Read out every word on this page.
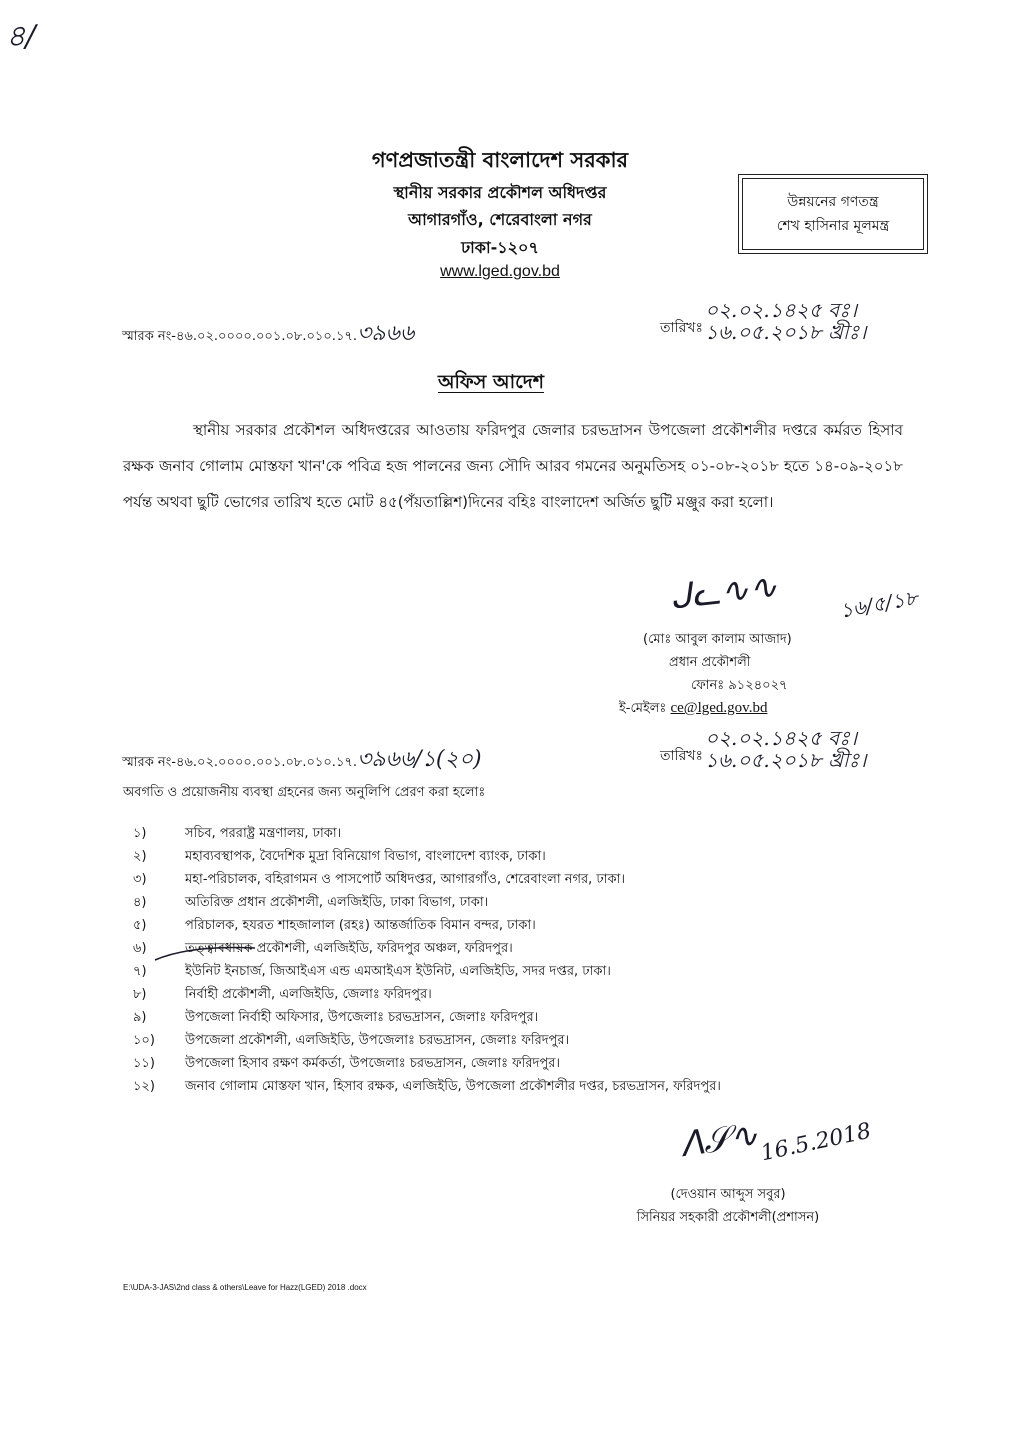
৪/
গণপ্রজাতন্ত্রী বাংলাদেশ সরকার
স্থানীয় সরকার প্রকৌশল অধিদপ্তর
আগারগাঁও, শেরেবাংলা নগর
ঢাকা-১২০৭
www.lged.gov.bd
উন্নয়নের গণতন্ত্র
শেখ হাসিনার মূলমন্ত্র
স্মারক নং-৪৬.০২.০০০০.০০১.০৮.০১০.১৭.৩৯৬৬	তারিখঃ
০২.০২.১৪২৫ বঃ।
১৬.০৫.২০১৮ খ্রীঃ।
অফিস আদেশ
স্থানীয় সরকার প্রকৌশল অধিদপ্তরের আওতায় ফরিদপুর জেলার চরভদ্রাসন উপজেলা প্রকৌশলীর দপ্তরে কর্মরত হিসাব রক্ষক জনাব গোলাম মোস্তফা খান'কে পবিত্র হজ পালনের জন্য সৌদি আরব গমনের অনুমতিসহ ০১-০৮-২০১৮ হতে ১৪-০৯-২০১৮ পর্যন্ত অথবা ছুটি ভোগের তারিখ হতে মোট ৪৫(পঁয়তাল্লিশ)দিনের বহিঃ বাংলাদেশ অর্জিত ছুটি মঞ্জুর করা হলো।
ᒍᓚ∿∿	১৬/৫/১৮
(মোঃ আবুল কালাম আজাদ)
প্রধান প্রকৌশলী
ফোনঃ ৯১২৪০২৭
ই-মেইলঃ ce@lged.gov.bd
স্মারক নং-৪৬.০২.০০০০.০০১.০৮.০১০.১৭.৩৯৬৬/১(২০)	তারিখঃ
০২.০২.১৪২৫ বঃ।
১৬.০৫.২০১৮ খ্রীঃ।
অবগতি ও প্রয়োজনীয় ব্যবস্থা গ্রহনের জন্য অনুলিপি প্রেরণ করা হলোঃ
১)	সচিব, পররাষ্ট্র মন্ত্রণালয়, ঢাকা।
২)	মহাব্যবস্থাপক, বৈদেশিক মুদ্রা বিনিয়োগ বিভাগ, বাংলাদেশ ব্যাংক, ঢাকা।
৩)	মহা-পরিচালক, বহিরাগমন ও পাসপোর্ট অধিদপ্তর, আগারগাঁও, শেরেবাংলা নগর, ঢাকা।
৪)	অতিরিক্ত প্রধান প্রকৌশলী, এলজিইডি, ঢাকা বিভাগ, ঢাকা।
৫)	পরিচালক, হযরত শাহজালাল (রহঃ) আন্তর্জাতিক বিমান বন্দর, ঢাকা।
৬)	তত্ত্বাবধায়ক প্রকৌশলী, এলজিইডি, ফরিদপুর অঞ্চল, ফরিদপুর।
৭)	ইউনিট ইনচার্জ, জিআইএস এন্ড এমআইএস ইউনিট, এলজিইডি, সদর দপ্তর, ঢাকা।
৮)	নির্বাহী প্রকৌশলী, এলজিইডি, জেলাঃ ফরিদপুর।
৯)	উপজেলা নির্বাহী অফিসার, উপজেলাঃ চরভদ্রাসন, জেলাঃ ফরিদপুর।
১০)	উপজেলা প্রকৌশলী, এলজিইডি, উপজেলাঃ চরভদ্রাসন, জেলাঃ ফরিদপুর।
১১)	উপজেলা হিসাব রক্ষণ কর্মকর্তা, উপজেলাঃ চরভদ্রাসন, জেলাঃ ফরিদপুর।
১২)	জনাব গোলাম মোস্তফা খান, হিসাব রক্ষক, এলজিইডি, উপজেলা প্রকৌশলীর দপ্তর, চরভদ্রাসন, ফরিদপুর।
ᐱ𝒮∿
16.5.2018
(দেওয়ান আব্দুস সবুর)
সিনিয়র সহকারী প্রকৌশলী(প্রশাসন)
E:\UDA-3-JAS\2nd class & others\Leave for Hazz(LGED) 2018 .docx
